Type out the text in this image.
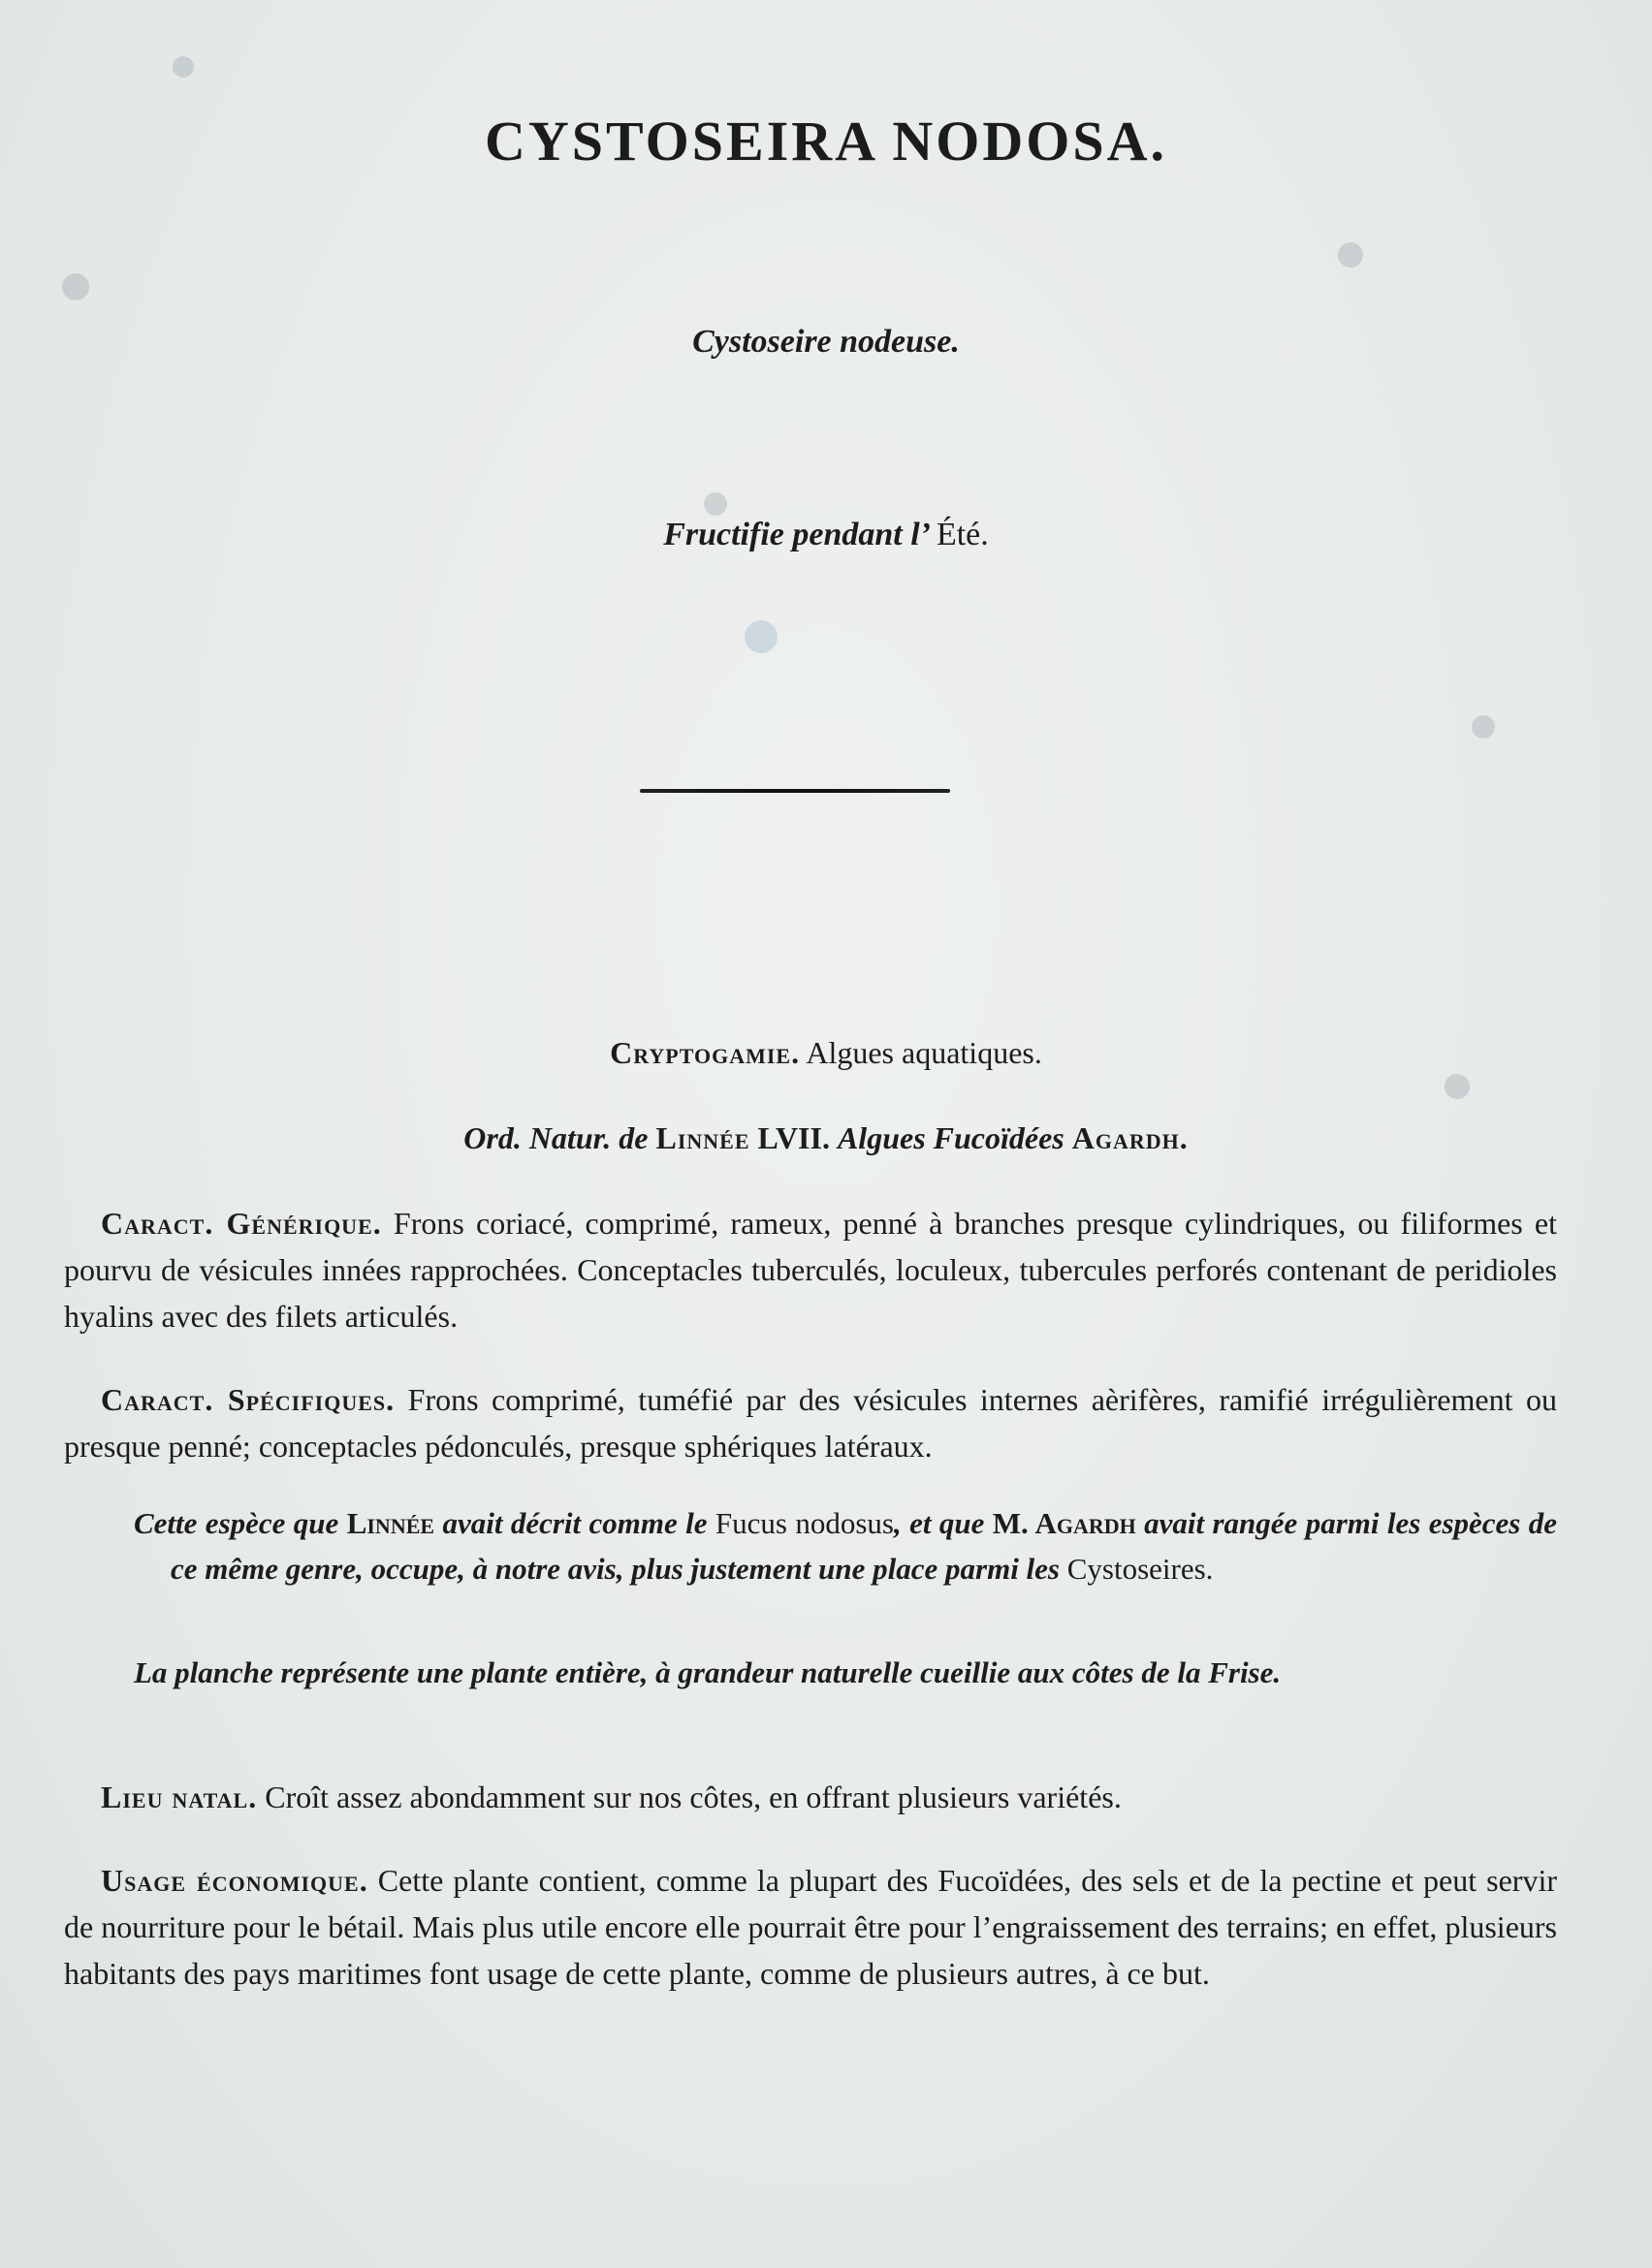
CYSTOSEIRA NODOSA.
Cystoseire nodeuse.
Fructifie pendant l’ Été.
Cryptogamie. Algues aquatiques.
Ord. Natur. de Linnée LVII. Algues Fucoïdées Agardh.
Caract. Générique. Frons coriacé, comprimé, rameux, penné à branches presque cylindriques, ou filiformes et pourvu de vésicules innées rapprochées. Conceptacles tuberculés, loculeux, tubercules perforés contenant de peridioles hyalins avec des filets articulés.
Caract. Spécifiques. Frons comprimé, tuméfié par des vésicules internes aèrifères, ramifié irrégulièrement ou presque penné; conceptacles pédonculés, presque sphériques latéraux.
Cette espèce que Linnée avait décrit comme le Fucus nodosus, et que M. Agardh avait rangée parmi les espèces de ce même genre, occupe, à notre avis, plus justement une place parmi les Cystoseires.
La planche représente une plante entière, à grandeur naturelle cueillie aux côtes de la Frise.
Lieu natal. Croît assez abondamment sur nos côtes, en offrant plusieurs variétés.
Usage économique. Cette plante contient, comme la plupart des Fucoïdées, des sels et de la pectine et peut servir de nourriture pour le bétail. Mais plus utile encore elle pourrait être pour l’engraissement des terrains; en effet, plusieurs habitants des pays maritimes font usage de cette plante, comme de plusieurs autres, à ce but.
